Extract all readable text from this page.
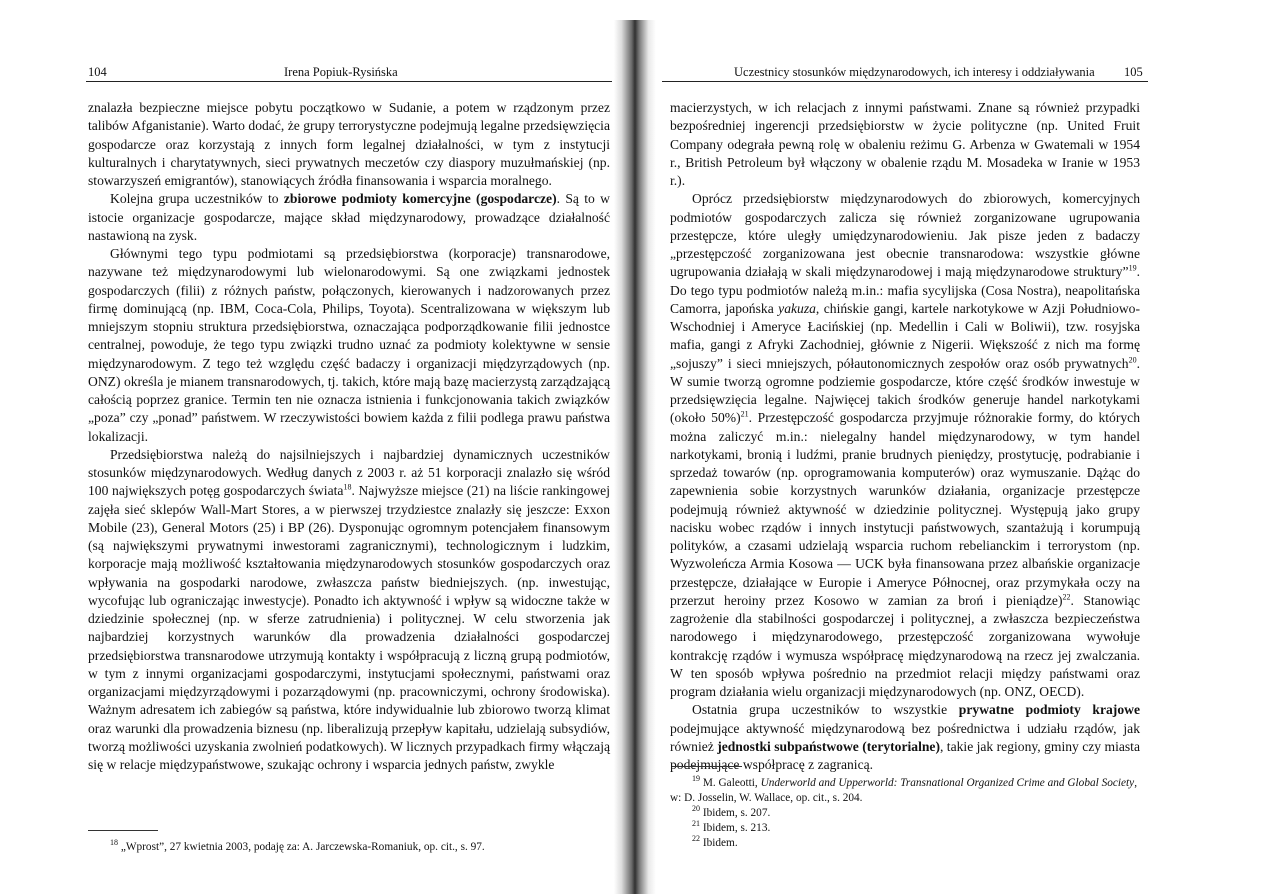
104	Irena Popiuk-Rysińska

znalazła bezpieczne miejsce pobytu początkowo w Sudanie, a potem w rządzonym przez talibów Afganistanie). Warto dodać, że grupy terrorystyczne podejmują legalne przedsięwzięcia gospodarcze oraz korzystają z innych form legalnej działalności, w tym z instytucji kulturalnych i charytatywnych, sieci prywatnych meczetów czy diaspory muzułmańskiej (np. stowarzyszeń emigrantów), stanowiących źródła finansowania i wsparcia moralnego.

Kolejna grupa uczestników to zbiorowe podmioty komercyjne (gospodarcze). Są to w istocie organizacje gospodarcze, mające skład międzynarodowy, prowadzące działalność nastawioną na zysk.

Głównymi tego typu podmiotami są przedsiębiorstwa (korporacje) transnarodowe, nazywane też międzynarodowymi lub wielonarodowymi. Są one związkami jednostek gospodarczych (filii) z różnych państw, połączonych, kierowanych i nadzorowanych przez firmę dominującą (np. IBM, Coca-Cola, Philips, Toyota). Scentralizowana w większym lub mniejszym stopniu struktura przedsiębiorstwa, oznaczająca podporządkowanie filii jednostce centralnej, powoduje, że tego typu związki trudno uznać za podmioty kolektywne w sensie międzynarodowym. Z tego też względu część badaczy i organizacji międzyrządowych (np. ONZ) określa je mianem transnarodowych, tj. takich, które mają bazę macierzystą zarządzającą całością poprzez granice. Termin ten nie oznacza istnienia i funkcjonowania takich związków „poza” czy „ponad” państwem. W rzeczywistości bowiem każda z filii podlega prawu państwa lokalizacji.

Przedsiębiorstwa należą do najsilniejszych i najbardziej dynamicznych uczestników stosunków międzynarodowych. Według danych z 2003 r. aż 51 korporacji znalazło się wśród 100 największych potęg gospodarczych świata$^{18}$. Najwyższe miejsce (21) na liście rankingowej zajęła sieć sklepów Wall-Mart Stores, a w pierwszej trzydziestce znalazły się jeszcze: Exxon Mobile (23), General Motors (25) i BP (26). Dysponując ogromnym potencjałem finansowym (są największymi prywatnymi inwestorami zagranicznymi), technologicznym i ludzkim, korporacje mają możliwość kształtowania międzynarodowych stosunków gospodarczych oraz wpływania na gospodarki narodowe, zwłaszcza państw biedniejszych. (np. inwestując, wycofując lub ograniczając inwestycje). Ponadto ich aktywność i wpływ są widoczne także w dziedzinie społecznej (np. w sferze zatrudnienia) i politycznej. W celu stworzenia jak najbardziej korzystnych warunków dla prowadzenia działalności gospodarczej przedsiębiorstwa transnarodowe utrzymują kontakty i współpracują z liczną grupą podmiotów, w tym z innymi organizacjami gospodarczymi, instytucjami społecznymi, państwami oraz organizacjami międzyrządowymi i pozarządowymi (np. pracowniczymi, ochrony środowiska). Ważnym adresatem ich zabiegów są państwa, które indywidualnie lub zbiorowo tworzą klimat oraz warunki dla prowadzenia biznesu (np. liberalizują przepływ kapitału, udzielają subsydiów, tworzą możliwości uzyskania zwolnień podatkowych). W licznych przypadkach firmy włączają się w relacje międzypaństwowe, szukając ochrony i wsparcia jednych państw, zwykle

$^{18}$ „Wprost”, 27 kwietnia 2003, podaję za: A. Jarczewska-Romaniuk, op. cit., s. 97.

Uczestnicy stosunków międzynarodowych, ich interesy i oddziaływania 105

macierzystych, w ich relacjach z innymi państwami. Znane są również przypadki bezpośredniej ingerencji przedsiębiorstw w życie polityczne (np. United Fruit Company odegrała pewną rolę w obaleniu reżimu G. Arbenza w Gwatemali w 1954 r., British Petroleum był włączony w obalenie rządu M. Mosadeka w Iranie w 1953 r.).

Oprócz przedsiębiorstw międzynarodowych do zbiorowych, komercyjnych podmiotów gospodarczych zalicza się również zorganizowane ugrupowania przestępcze, które uległy umiędzynarodowieniu. Jak pisze jeden z badaczy „przestępczość zorganizowana jest obecnie transnarodowa: wszystkie główne ugrupowania działają w skali międzynarodowej i mają międzynarodowe struktury”$^{19}$. Do tego typu podmiotów należą m.in.: mafia sycylijska (Cosa Nostra), neapolitańska Camorra, japońska yakuza, chińskie gangi, kartele narkotykowe w Azji Południowo-Wschodniej i Ameryce Łacińskiej (np. Medellin i Cali w Boliwii), tzw. rosyjska mafia, gangi z Afryki Zachodniej, głównie z Nigerii. Większość z nich ma formę „sojuszy” i sieci mniejszych, półautonomicznych zespołów oraz osób prywatnych$^{20}$. W sumie tworzą ogromne podziemie gospodarcze, które część środków inwestuje w przedsięwzięcia legalne. Najwięcej takich środków generuje handel narkotykami (około 50%)$^{21}$. Przestępczość gospodarcza przyjmuje różnorakie formy, do których można zaliczyć m.in.: nielegalny handel międzynarodowy, w tym handel narkotykami, bronią i ludźmi, pranie brudnych pieniędzy, prostytucję, podrabianie i sprzedaż towarów (np. oprogramowania komputerów) oraz wymuszanie. Dążąc do zapewnienia sobie korzystnych warunków działania, organizacje przestępcze podejmują również aktywność w dziedzinie politycznej. Występują jako grupy nacisku wobec rządów i innych instytucji państwowych, szantażują i korumpują polityków, a czasami udzielają wsparcia ruchom rebelianckim i terrorystom (np. Wyzwoleńcza Armia Kosowa — UCK była finansowana przez albańskie organizacje przestępcze, działające w Europie i Ameryce Północnej, oraz przymykała oczy na przerzut heroiny przez Kosowo w zamian za broń i pieniądze)$^{22}$. Stanowiąc zagrożenie dla stabilności gospodarczej i politycznej, a zwłaszcza bezpieczeństwa narodowego i międzynarodowego, przestępczość zorganizowana wywołuje kontrakcję rządów i wymusza współpracę międzynarodową na rzecz jej zwalczania. W ten sposób wpływa pośrednio na przedmiot relacji między państwami oraz program działania wielu organizacji międzynarodowych (np. ONZ, OECD).

Ostatnia grupa uczestników to wszystkie prywatne podmioty krajowe podejmujące aktywność międzynarodową bez pośrednictwa i udziału rządów, jak również jednostki subpaństwowe (terytorialne), takie jak regiony, gminy czy miasta podejmujące współpracę z zagranicą.

$^{19}$ M. Galeotti, Underworld and Upperworld: Transnational Organized Crime and Global Society, w: D. Josselin, W. Wallace, op. cit., s. 204.

$^{20}$ Ibidem, s. 207.

$^{21}$ Ibidem, s. 213.

$^{22}$ Ibidem.
